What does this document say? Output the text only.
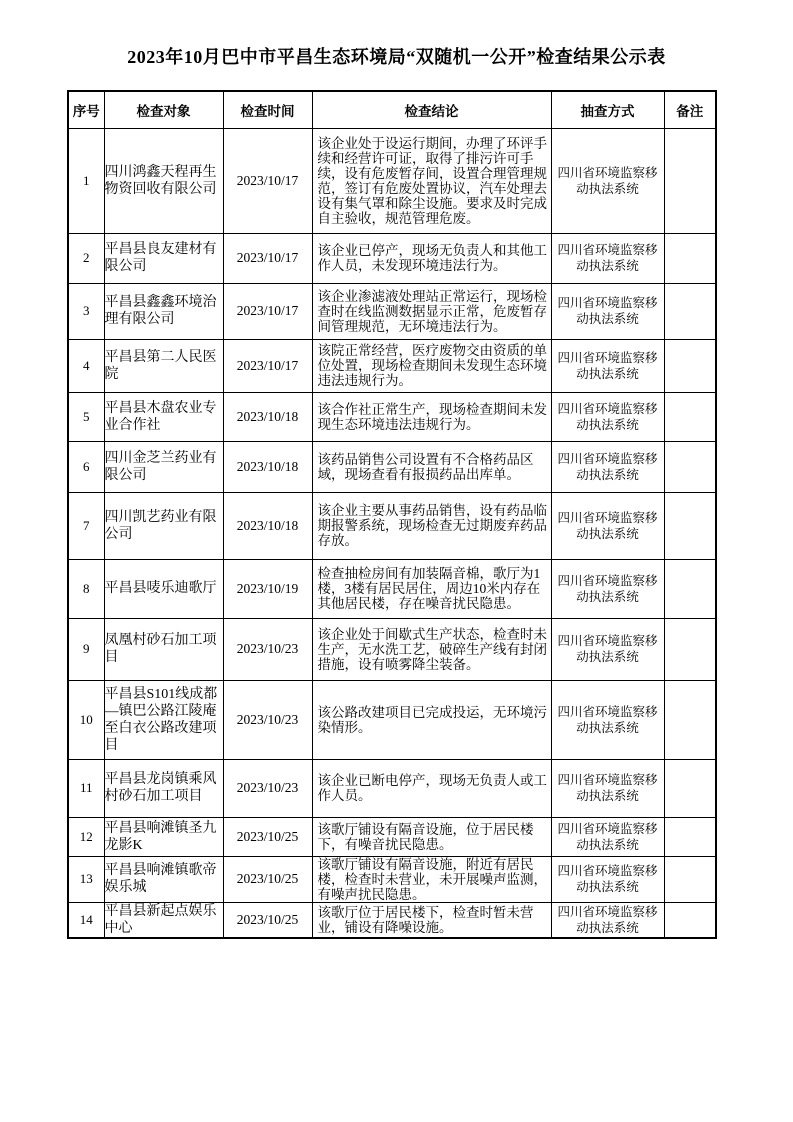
2023年10月巴中市平昌生态环境局“双随机一公开”检查结果公示表
序号	检查对象	检查时间	检查结论	抽查方式	备注
1	四川鸿鑫天程再生物资回收有限公司	2023/10/17	该企业处于设运行期间，办理了环评手续和经营许可证，取得了排污许可手续，设有危废暂存间，设置合理管理规范，签订有危废处置协议，汽车处理去设有集气罩和除尘设施。要求及时完成自主验收，规范管理危废。	四川省环境监察移动执法系统	
2	平昌县良友建材有限公司	2023/10/17	该企业已停产，现场无负责人和其他工作人员，未发现环境违法行为。	四川省环境监察移动执法系统	
3	平昌县鑫鑫环境治理有限公司	2023/10/17	该企业渗滤液处理站正常运行，现场检查时在线监测数据显示正常，危废暂存间管理规范，无环境违法行为。	四川省环境监察移动执法系统	
4	平昌县第二人民医院	2023/10/17	该院正常经营，医疗废物交由资质的单位处置，现场检查期间未发现生态环境违法违规行为。	四川省环境监察移动执法系统	
5	平昌县木盘农业专业合作社	2023/10/18	该合作社正常生产，现场检查期间未发现生态环境违法违规行为。	四川省环境监察移动执法系统	
6	四川金芝兰药业有限公司	2023/10/18	该药品销售公司设置有不合格药品区域，现场查看有报损药品出库单。	四川省环境监察移动执法系统	
7	四川凯艺药业有限公司	2023/10/18	该企业主要从事药品销售，设有药品临期报警系统，现场检查无过期废弃药品存放。	四川省环境监察移动执法系统	
8	平昌县唛乐迪歌厅	2023/10/19	检查抽检房间有加装隔音棉，歌厅为1楼，3楼有居民居住，周边10米内存在其他居民楼，存在噪音扰民隐患。	四川省环境监察移动执法系统	
9	凤凰村砂石加工项目	2023/10/23	该企业处于间歇式生产状态，检查时未生产，无水洗工艺，破碎生产线有封闭措施，设有喷雾降尘装备。	四川省环境监察移动执法系统	
10	平昌县S101线成都—镇巴公路江陵庵至白衣公路改建项目	2023/10/23	该公路改建项目已完成投运，无环境污染情形。	四川省环境监察移动执法系统	
11	平昌县龙岗镇乘风村砂石加工项目	2023/10/23	该企业已断电停产，现场无负责人或工作人员。	四川省环境监察移动执法系统	
12	平昌县响滩镇圣九龙影K	2023/10/25	该歌厅铺设有隔音设施，位于居民楼下，有噪音扰民隐患。	四川省环境监察移动执法系统	
13	平昌县响滩镇歌帝娱乐城	2023/10/25	该歌厅铺设有隔音设施，附近有居民楼，检查时未营业，未开展噪声监测，有噪声扰民隐患。	四川省环境监察移动执法系统	
14	平昌县新起点娱乐中心	2023/10/25	该歌厅位于居民楼下，检查时暂未营业，铺设有降噪设施。	四川省环境监察移动执法系统	
